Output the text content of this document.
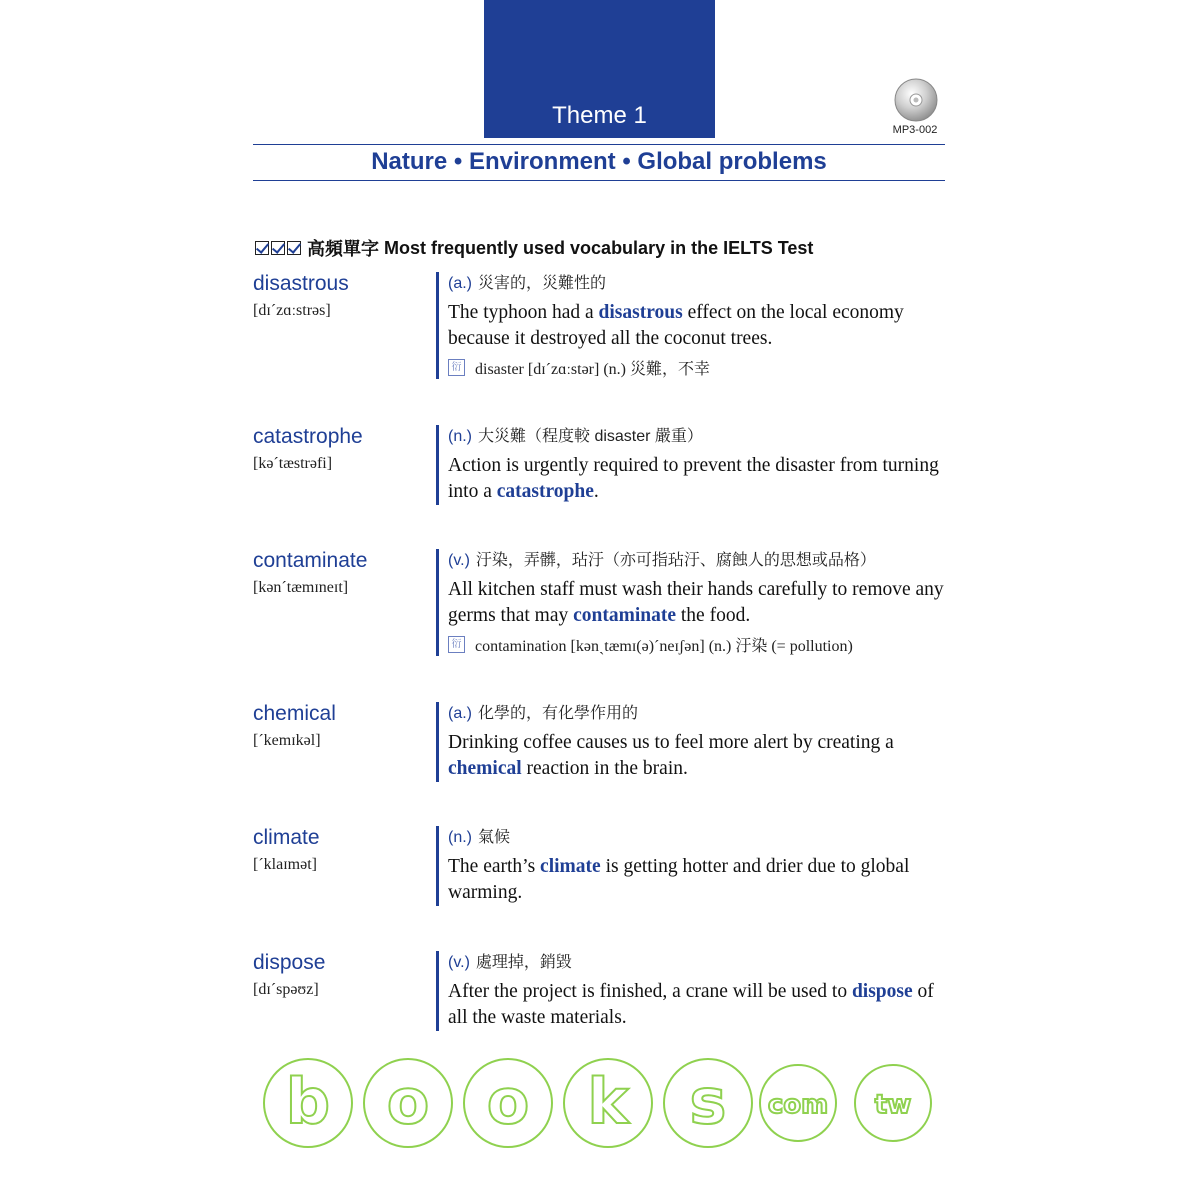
Theme 1
MP3-002
Nature • Environment • Global problems
高頻單字
Most frequently used vocabulary in the IELTS Test
disastrous
[dɪˊzɑːstrəs]
(a.) 災害的，災難性的
The typhoon had a disastrous effect on the local economy because it destroyed all the coconut trees.
衍 disaster [dɪˊzɑːstər] (n.) 災難，不幸
catastrophe
[kəˊtæstrəfi]
(n.) 大災難（程度較 disaster 嚴重）
Action is urgently required to prevent the disaster from turning into a catastrophe.
contaminate
[kənˊtæmɪneɪt]
(v.) 汙染，弄髒，玷汙（亦可指玷汙、腐蝕人的思想或品格）
All kitchen staff must wash their hands carefully to remove any germs that may contaminate the food.
衍 contamination [kənˏtæmɪ(ə)ˊneɪʃən] (n.) 汙染 (= pollution)
chemical
[ˊkemɪkəl]
(a.) 化學的，有化學作用的
Drinking coffee causes us to feel more alert by creating a chemical reaction in the brain.
climate
[ˊklaɪmət]
(n.) 氣候
The earth’s climate is getting hotter and drier due to global warming.
dispose
[dɪˊspəʊz]
(v.) 處理掉，銷毀
After the project is finished, a crane will be used to dispose of all the waste materials.
b o o k s com tw
